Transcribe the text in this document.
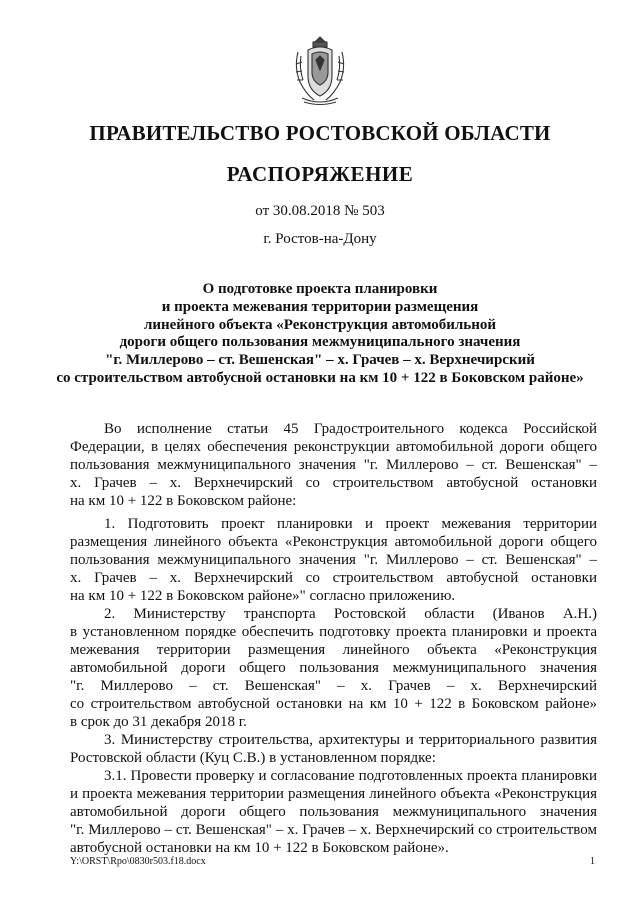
ПРАВИТЕЛЬСТВО РОСТОВСКОЙ ОБЛАСТИ
РАСПОРЯЖЕНИЕ
от 30.08.2018 № 503
г. Ростов-на-Дону
О подготовке проекта планировки
и проекта межевания территории размещения
линейного объекта «Реконструкция автомобильной
дороги общего пользования межмуниципального значения
"г. Миллерово – ст. Вешенская" – х. Грачев – х. Верхнечирский
со строительством автобусной остановки на км 10 + 122 в Боковском районе»
Во исполнение статьи 45 Градостроительного кодекса Российской
Федерации, в целях обеспечения реконструкции автомобильной дороги общего
пользования межмуниципального значения "г. Миллерово – ст. Вешенская" –
х. Грачев – х. Верхнечирский со строительством автобусной остановки
на км 10 + 122 в Боковском районе:
1. Подготовить проект планировки и проект межевания территории
размещения линейного объекта «Реконструкция автомобильной дороги общего
пользования межмуниципального значения "г. Миллерово – ст. Вешенская" –
х. Грачев – х. Верхнечирский со строительством автобусной остановки
на км 10 + 122 в Боковском районе»" согласно приложению.
2. Министерству транспорта Ростовской области (Иванов А.Н.)
в установленном порядке обеспечить подготовку проекта планировки и проекта
межевания территории размещения линейного объекта «Реконструкция
автомобильной дороги общего пользования межмуниципального значения
"г. Миллерово – ст. Вешенская" – х. Грачев – х. Верхнечирский
со строительством автобусной остановки на км 10 + 122 в Боковском районе»
в срок до 31 декабря 2018 г.
3. Министерству строительства, архитектуры и территориального развития
Ростовской области (Куц С.В.) в установленном порядке:
3.1. Провести проверку и согласование подготовленных проекта планировки
и проекта межевания территории размещения линейного объекта «Реконструкция
автомобильной дороги общего пользования межмуниципального значения
"г. Миллерово – ст. Вешенская" – х. Грачев – х. Верхнечирский со строительством
автобусной остановки на км 10 + 122 в Боковском районе».
Y:\ORST\Rpo\0830r503.f18.docx	1
